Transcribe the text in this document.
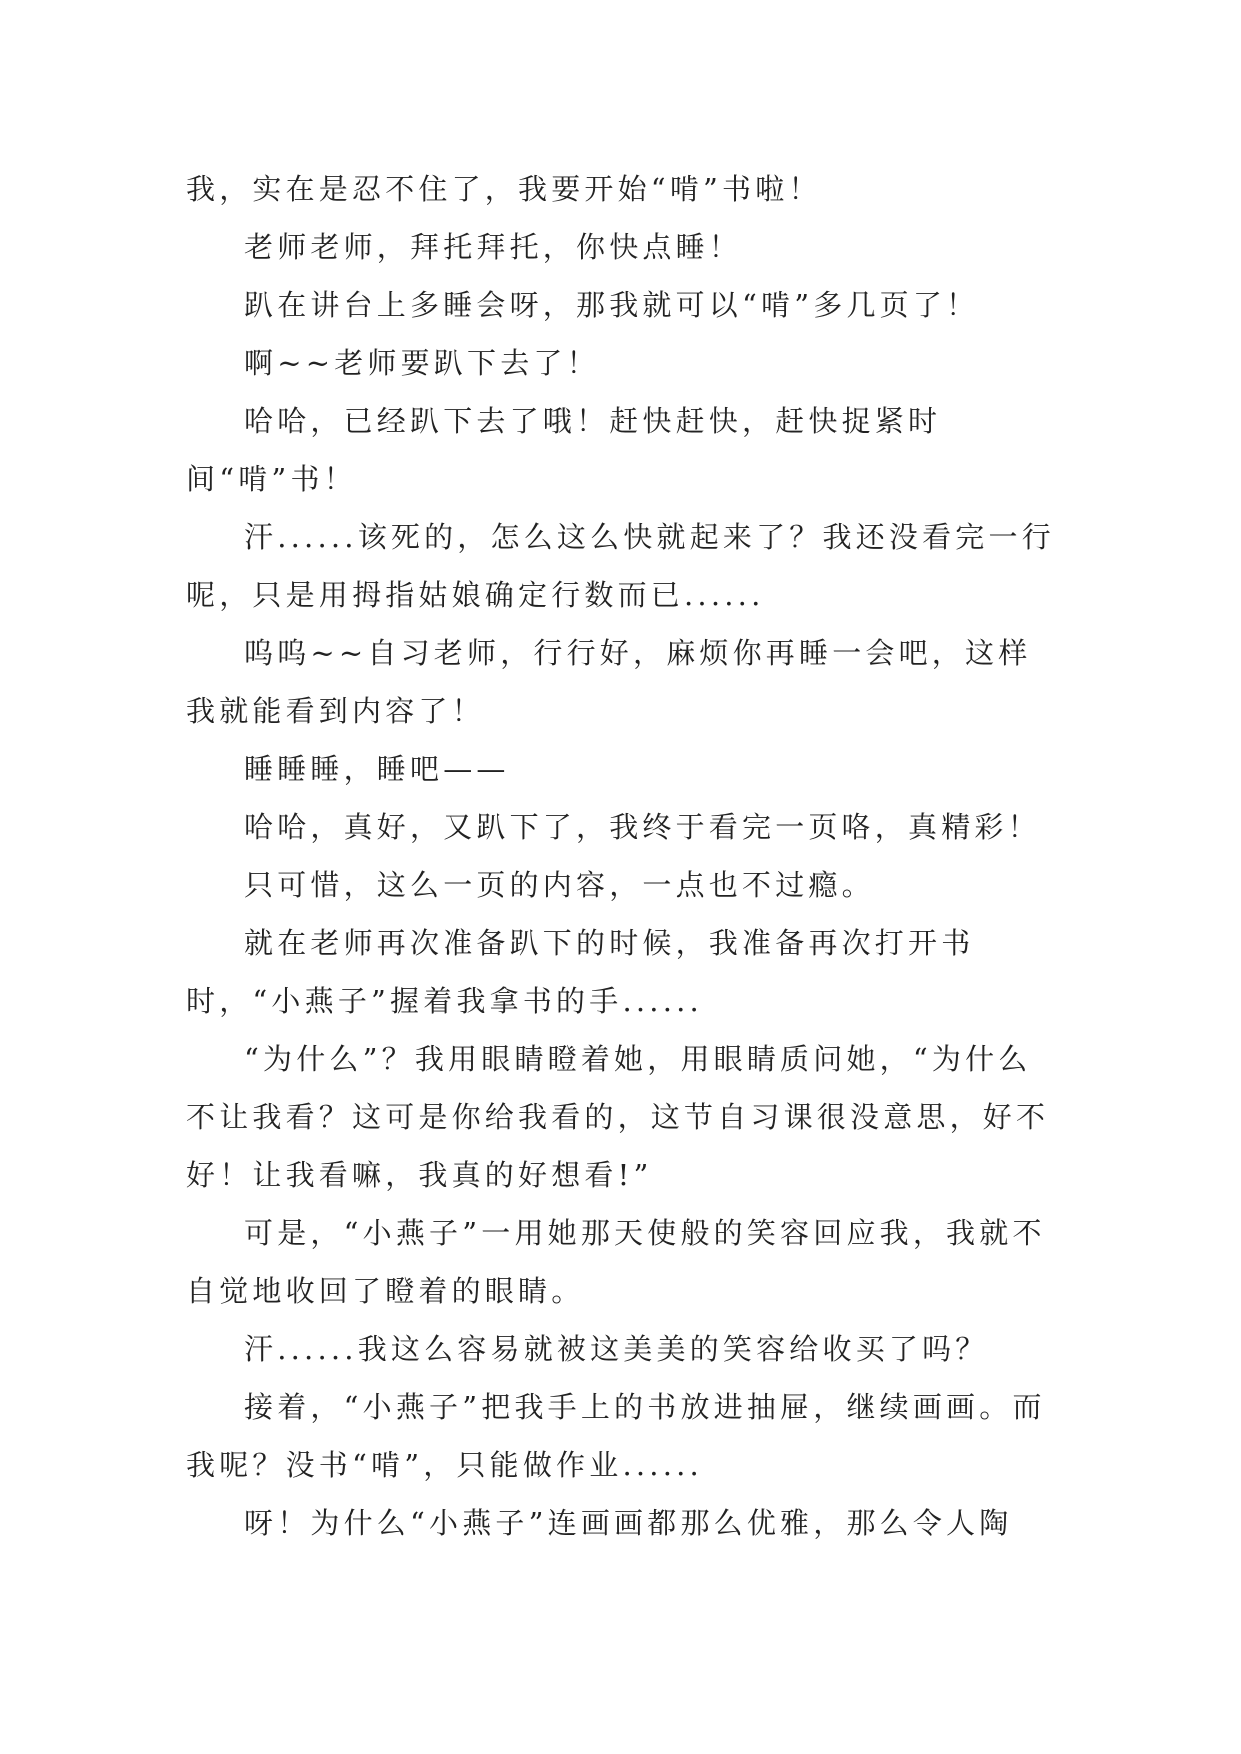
我，实在是忍不住了，我要开始“啃”书啦！

老师老师，拜托拜托，你快点睡！

趴在讲台上多睡会呀，那我就可以“啃”多几页了！

啊~~老师要趴下去了！

哈哈，已经趴下去了哦！赶快赶快，赶快捉紧时间“啃”书！

汗......该死的，怎么这么快就起来了？我还没看完一行呢，只是用拇指姑娘确定行数而已......

呜呜~~自习老师，行行好，麻烦你再睡一会吧，这样我就能看到内容了！

睡睡睡，睡吧——

哈哈，真好，又趴下了，我终于看完一页咯，真精彩！

只可惜，这么一页的内容，一点也不过瘾。

就在老师再次准备趴下的时候，我准备再次打开书时，“小燕子”握着我拿书的手......

“为什么”？我用眼睛瞪着她，用眼睛质问她，“为什么不让我看？这可是你给我看的，这节自习课很没意思，好不好！让我看嘛，我真的好想看!”

可是，“小燕子”一用她那天使般的笑容回应我，我就不自觉地收回了瞪着的眼睛。

汗......我这么容易就被这美美的笑容给收买了吗？

接着，“小燕子”把我手上的书放进抽屉，继续画画。而我呢？没书“啃”，只能做作业......

呀！为什么“小燕子”连画画都那么优雅，那么令人陶
